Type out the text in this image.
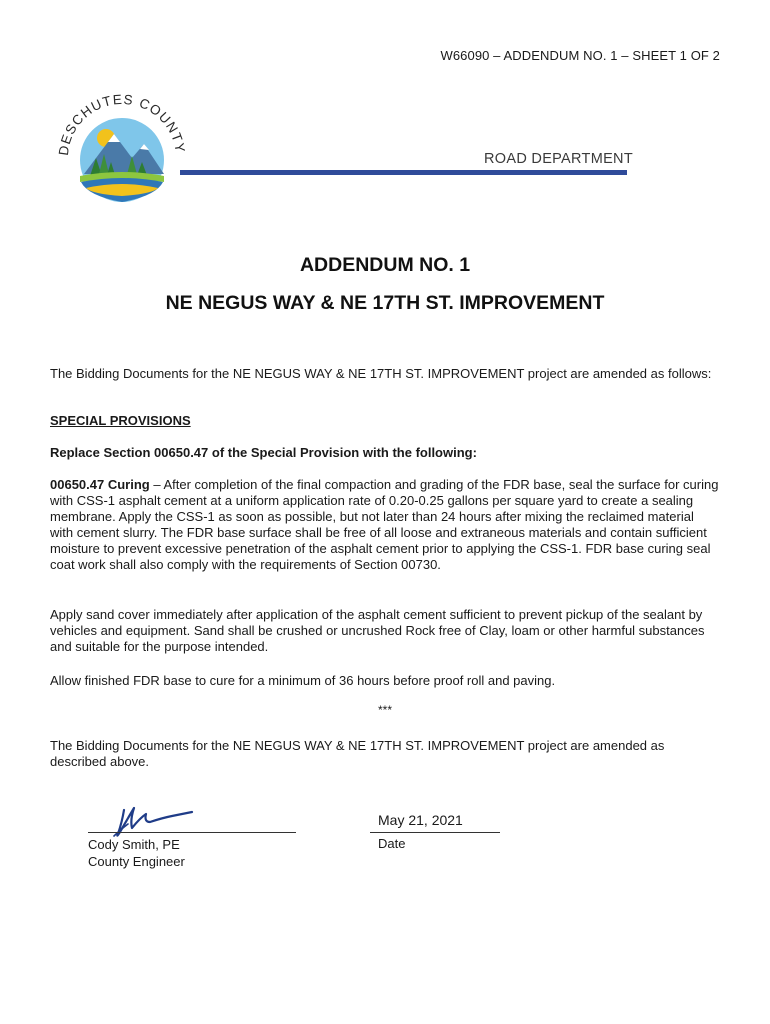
W66090 – ADDENDUM NO. 1 – SHEET 1 OF 2
DESCHUTES COUNTY
ROAD DEPARTMENT
ADDENDUM NO. 1
NE NEGUS WAY & NE 17TH ST. IMPROVEMENT
The Bidding Documents for the NE NEGUS WAY & NE 17TH ST. IMPROVEMENT project are amended as follows:
SPECIAL PROVISIONS
Replace Section 00650.47 of the Special Provision with the following:
00650.47 Curing – After completion of the final compaction and grading of the FDR base, seal the surface for curing with CSS-1 asphalt cement at a uniform application rate of 0.20-0.25 gallons per square yard to create a sealing membrane. Apply the CSS-1 as soon as possible, but not later than 24 hours after mixing the reclaimed material with cement slurry. The FDR base surface shall be free of all loose and extraneous materials and contain sufficient moisture to prevent excessive penetration of the asphalt cement prior to applying the CSS-1. FDR base curing seal coat work shall also comply with the requirements of Section 00730.
Apply sand cover immediately after application of the asphalt cement sufficient to prevent pickup of the sealant by vehicles and equipment. Sand shall be crushed or uncrushed Rock free of Clay, loam or other harmful substances and suitable for the purpose intended.
Allow finished FDR base to cure for a minimum of 36 hours before proof roll and paving.
***
The Bidding Documents for the NE NEGUS WAY & NE 17TH ST. IMPROVEMENT project are amended as described above.
Cody Smith, PE
County Engineer
May 21, 2021
Date
